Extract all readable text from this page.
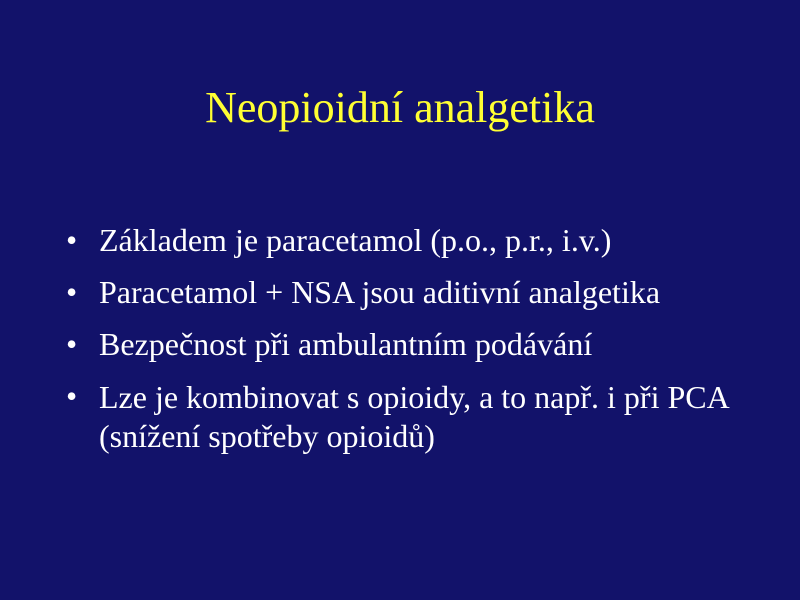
Neopioidní analgetika
• Základem je paracetamol (p.o., p.r., i.v.)
• Paracetamol + NSA jsou aditivní analgetika
• Bezpečnost při ambulantním podávání
• Lze je kombinovat s opioidy, a to např. i při PCA (snížení spotřeby opioidů)
